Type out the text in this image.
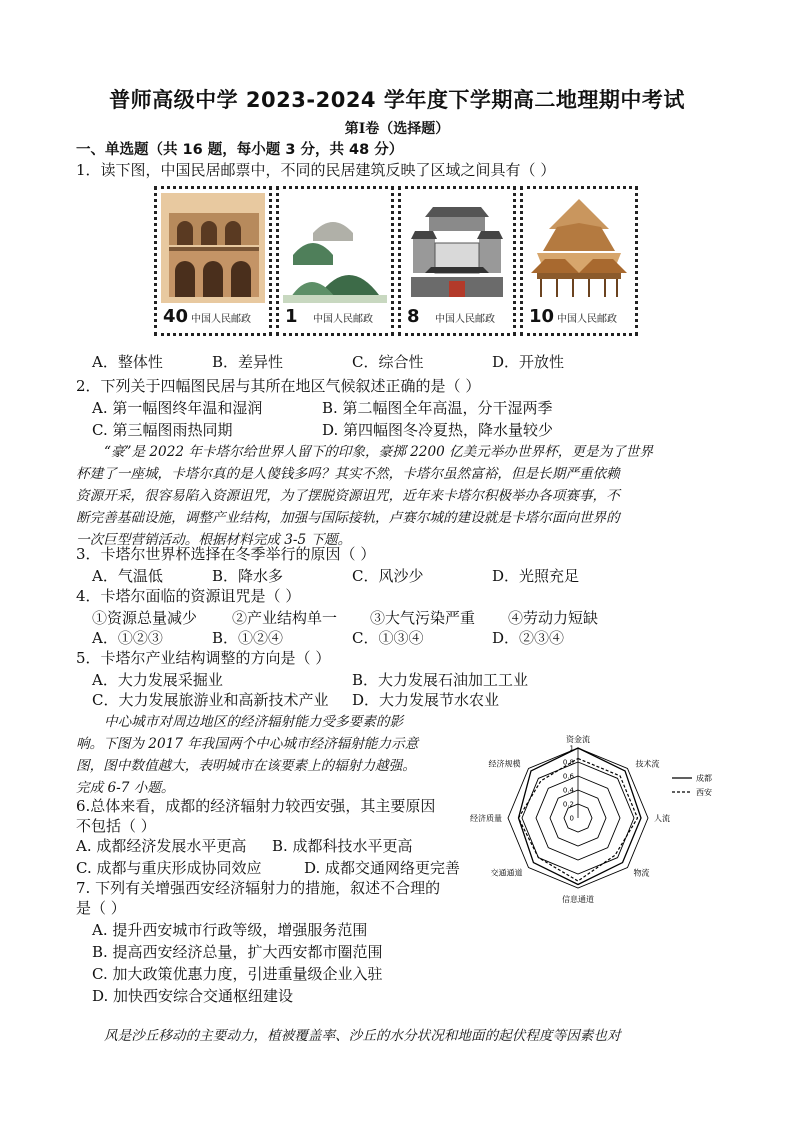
普师高级中学 2023-2024 学年度下学期高二地理期中考试
第Ⅰ卷（选择题）
一、单选题（共 16 题，每小题 3 分，共 48 分）
1．读下图，中国民居邮票中，不同的民居建筑反映了区域之间具有（ ）
40 中国人民邮政 1 中国人民邮政 8 中国人民邮政 10 中国人民邮政
A．整体性	B．差异性	C．综合性	D．开放性
2．下列关于四幅图民居与其所在地区气候叙述正确的是（ ）
A. 第一幅图终年温和湿润	B. 第二幅图全年高温，分干湿两季
C. 第三幅图雨热同期	D. 第四幅图冬冷夏热，降水量较少
“豪”是 2022 年卡塔尔给世界人留下的印象，豪掷 2200 亿美元举办世界杯，更是为了世界
杯建了一座城，卡塔尔真的是人傻钱多吗？其实不然，卡塔尔虽然富裕，但是长期严重依赖
资源开采，很容易陷入资源诅咒，为了摆脱资源诅咒，近年来卡塔尔积极举办各项赛事，不
断完善基础设施，调整产业结构，加强与国际接轨，卢赛尔城的建设就是卡塔尔面向世界的
一次巨型营销活动。根据材料完成 3-5 下题。
3．卡塔尔世界杯选择在冬季举行的原因（ ）
A．气温低	B．降水多	C．风沙少	D．光照充足
4．卡塔尔面临的资源诅咒是（ ）
①资源总量减少 ②产业结构单一 ③大气污染严重 ④劳动力短缺
A．①②③	B．①②④	C．①③④	D．②③④
5．卡塔尔产业结构调整的方向是（ ）
A．大力发展采掘业	B．大力发展石油加工工业
C．大力发展旅游业和高新技术产业 D．大力发展节水农业
中心城市对周边地区的经济辐射能力受多要素的影
响。下图为 2017 年我国两个中心城市经济辐射能力示意
图，图中数值越大，表明城市在该要素上的辐射力越强。
完成 6-7 小题。
6.总体来看，成都的经济辐射力较西安强，其主要原因
不包括（ ）
A. 成都经济发展水平更高 B. 成都科技水平更高
C. 成都与重庆形成协同效应	D. 成都交通网络更完善
7. 下列有关增强西安经济辐射力的措施，叙述不合理的
是（ ）
A. 提升西安城市行政等级，增强服务范围
B. 提高西安经济总量，扩大西安都市圈范围
C. 加大政策优惠力度，引进重量级企业入驻
D. 加快西安综合交通枢纽建设
风是沙丘移动的主要动力，植被覆盖率、沙丘的水分状况和地面的起伏程度等因素也对
资金流
技术流
人流
物流
信息通道
交通通道
经济质量
经济规模
0
0.2
0.4
0.6
0.8
1
成都
西安
